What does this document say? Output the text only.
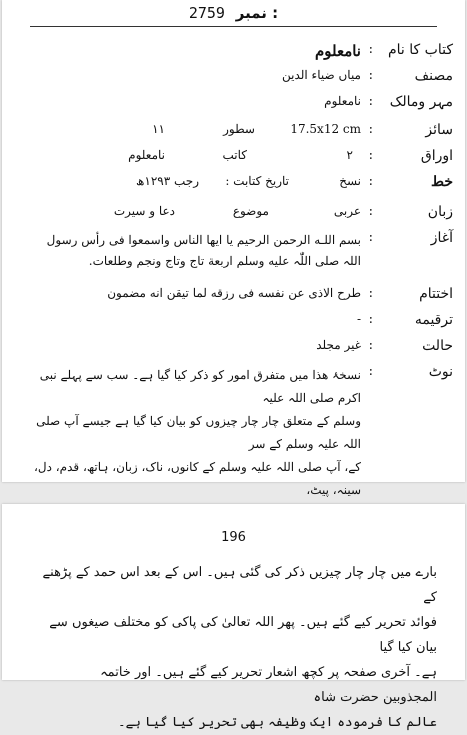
2759 نمبر :
کتاب کا نام
:
نامعلوم
مصنف
:
میاں ضیاء الدین
مہر ومالک
:
نامعلوم
سائز
:
17.5x12 cm
سطور
۱۱
اوراق
:
۲
کاتب
نامعلوم
خط
:
نسخ
تاریخ کتابت :
رجب ۱۲۹۳ھ
زبان
:
عربی
موضوع
دعا و سیرت
آغاز
:
بسم اللـه الرحمن الرحيم يا ايها الناس واسمعوا فى رأس رسول
اللہ صلی اللّٰہ علیه وسلم اربعة تاج وتاج ونجم وطلعات.
اختتام
:
طرح الاذى عن نفسه فى رزقه لما تيقن انه مضمون
ترقیمه
:
-
حالت
:
غیر مجلد
نوٹ
:
نسخۂ ھذا میں متفرق امور کو ذکر کیا گیا ہے۔ سب سے پہلے نبی اکرم صلی اللہ علیہ
وسلم کے متعلق چار چار چیزوں کو بیان کیا گیا ہے جیسے آپ صلی اللہ علیہ وسلم کے سر
کے، آپ صلی اللہ علیہ وسلم کے کانوں، ناک، زبان، ہاتھ، قدم، دل، سینہ، پیٹ،
196
بارے میں چار چار چیزیں ذکر کی گئی ہیں۔ اس کے بعد اس حمد کے پڑھنے کے
فوائد تحریر کیے گئے ہیں۔ پھر اللہ تعالیٰ کی پاکی کو مختلف صیغوں سے بیان کیا گیا
ہے۔ آخری صفحہ پر کچھ اشعار تحریر کیے گئے ہیں۔ اور خاتمہ المجذوبین حضرت شاہ
عالم کا فرمودہ ایک وظیفہ بھی تحریر کیا گیا ہے۔
